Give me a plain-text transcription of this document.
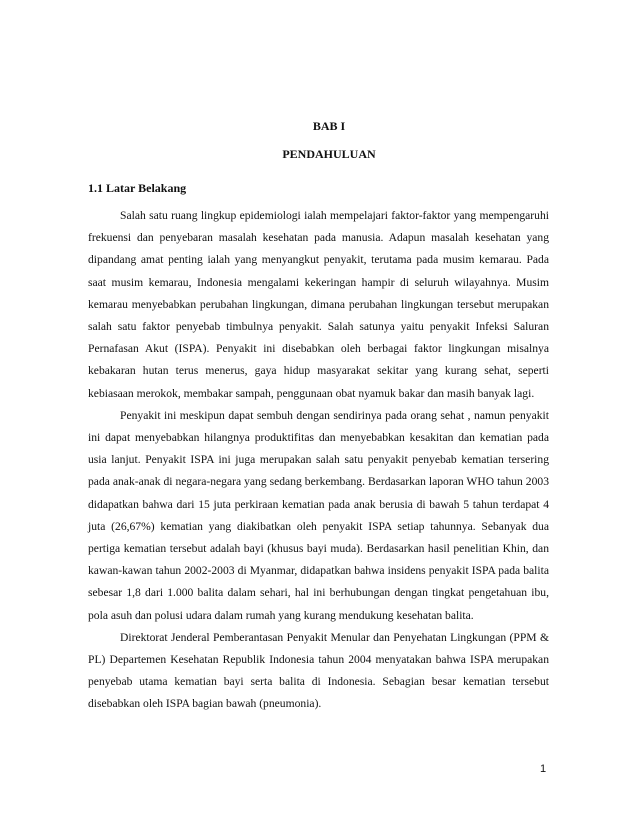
BAB I
PENDAHULUAN
1.1 Latar Belakang

Salah satu ruang lingkup epidemiologi ialah mempelajari faktor-faktor yang mempengaruhi frekuensi dan penyebaran masalah kesehatan pada manusia. Adapun masalah kesehatan yang dipandang amat penting ialah yang menyangkut penyakit, terutama pada musim kemarau. Pada saat musim kemarau, Indonesia mengalami kekeringan hampir di seluruh wilayahnya. Musim kemarau menyebabkan perubahan lingkungan, dimana perubahan lingkungan tersebut merupakan salah satu faktor penyebab timbulnya penyakit. Salah satunya yaitu penyakit Infeksi Saluran Pernafasan Akut (ISPA). Penyakit ini disebabkan oleh berbagai faktor lingkungan misalnya kebakaran hutan terus menerus, gaya hidup masyarakat sekitar yang kurang sehat, seperti kebiasaan merokok, membakar sampah, penggunaan obat nyamuk bakar dan masih banyak lagi.

Penyakit ini meskipun dapat sembuh dengan sendirinya pada orang sehat , namun penyakit ini dapat menyebabkan hilangnya produktifitas dan menyebabkan kesakitan dan kematian pada usia lanjut. Penyakit ISPA ini juga merupakan salah satu penyakit penyebab kematian tersering pada anak-anak di negara-negara yang sedang berkembang. Berdasarkan laporan WHO tahun 2003 didapatkan bahwa dari 15 juta perkiraan kematian pada anak berusia di bawah 5 tahun terdapat 4 juta (26,67%) kematian yang diakibatkan oleh penyakit ISPA setiap tahunnya. Sebanyak dua pertiga kematian tersebut adalah bayi (khusus bayi muda). Berdasarkan hasil penelitian Khin, dan kawan-kawan tahun 2002-2003 di Myanmar, didapatkan bahwa insidens penyakit ISPA pada balita sebesar 1,8 dari 1.000 balita dalam sehari, hal ini berhubungan dengan tingkat pengetahuan ibu, pola asuh dan polusi udara dalam rumah yang kurang mendukung kesehatan balita.

Direktorat Jenderal Pemberantasan Penyakit Menular dan Penyehatan Lingkungan (PPM & PL) Departemen Kesehatan Republik Indonesia tahun 2004 menyatakan bahwa ISPA merupakan penyebab utama kematian bayi serta balita di Indonesia. Sebagian besar kematian tersebut disebabkan oleh ISPA bagian bawah (pneumonia).

1
